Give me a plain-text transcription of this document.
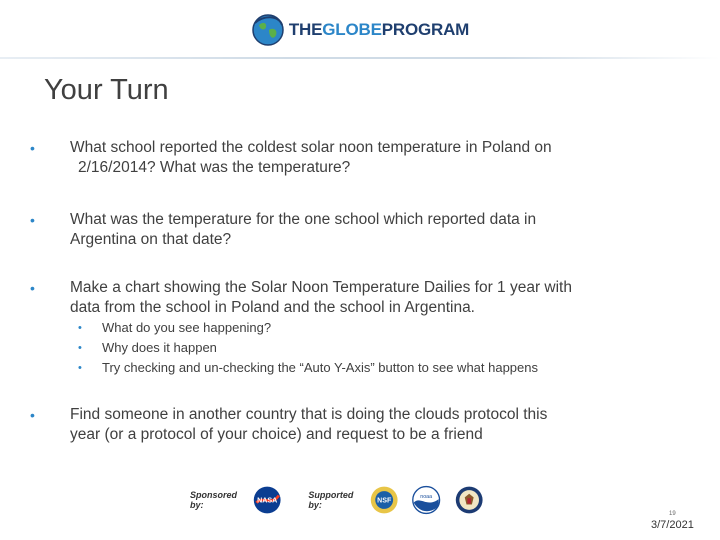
THEGLOBEPROGRAM
Your Turn
• What school reported the coldest solar noon temperature in Poland on
2/16/2014? What was the temperature?
• What was the temperature for the one school which reported data in
Argentina on that date?
• Make a chart showing the Solar Noon Temperature Dailies for 1 year with
data from the school in Poland and the school in Argentina.
• What do you see happening?
• Why does it happen
• Try checking and un-checking the “Auto Y-Axis” button to see what happens
• Find someone in another country that is doing the clouds protocol this
year (or a protocol of your choice) and request to be a friend
Sponsored by:	NASA
Supported by:	NSF	noaa
19
3/7/2021
